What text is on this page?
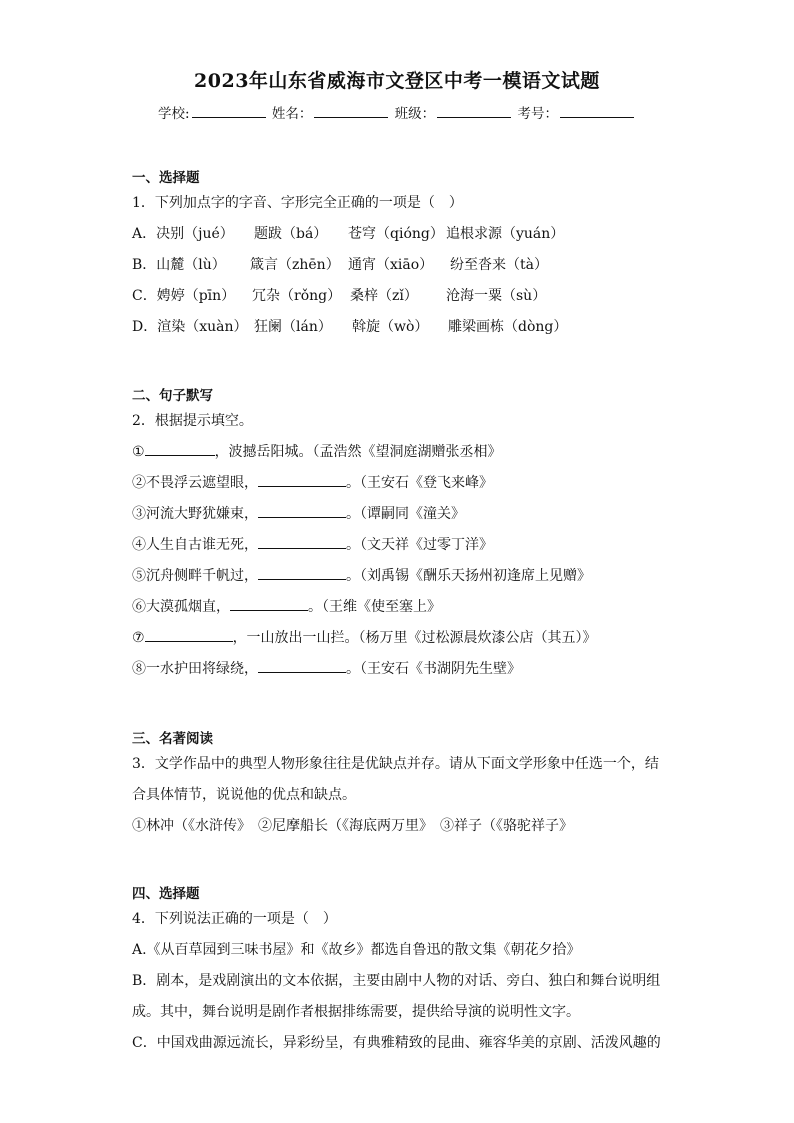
2023年山东省威海市文登区中考一模语文试题
学校:	姓名：	班级：	考号：
一、选择题
1．下列加点字的字音、字形完全正确的一项是（　）
A．决别（jué） 题跋（bá） 苍穹（qióng） 追根求源（yuán）
B．山麓（lù） 箴言（zhēn） 通宵（xiāo） 纷至沓来（tà）
C．娉婷（pīn） 冗杂（rǒng） 桑梓（zǐ） 沧海一粟（sù）
D．渲染（xuàn） 狂阑（lán） 斡旋（wò） 雕梁画栋（dòng）
二、句子默写
2．根据提示填空。
①	，波撼岳阳城。（孟浩然《望洞庭湖赠张丞相》
②不畏浮云遮望眼，	。（王安石《登飞来峰》
③河流大野犹嫌束，	。（谭嗣同《潼关》
④人生自古谁无死，	。（文天祥《过零丁洋》
⑤沉舟侧畔千帆过，	。（刘禹锡《酬乐天扬州初逢席上见赠》
⑥大漠孤烟直，	。（王维《使至塞上》
⑦	，一山放出一山拦。（杨万里《过松源晨炊漆公店（其五）》
⑧一水护田将绿绕，	。（王安石《书湖阴先生壁》
三、名著阅读
3．文学作品中的典型人物形象往往是优缺点并存。请从下面文学形象中任选一个，结
合具体情节，说说他的优点和缺点。
①林冲（《水浒传》　②尼摩船长（《海底两万里》　③祥子（《骆驼祥子》
四、选择题
4．下列说法正确的一项是（　）
A.《从百草园到三味书屋》和《故乡》都选自鲁迅的散文集《朝花夕拾》
B．剧本，是戏剧演出的文本依据，主要由剧中人物的对话、旁白、独白和舞台说明组
成。其中，舞台说明是剧作者根据排练需要，提供给导演的说明性文字。
C．中国戏曲源远流长，异彩纷呈，有典雅精致的昆曲、雍容华美的京剧、活泼风趣的
